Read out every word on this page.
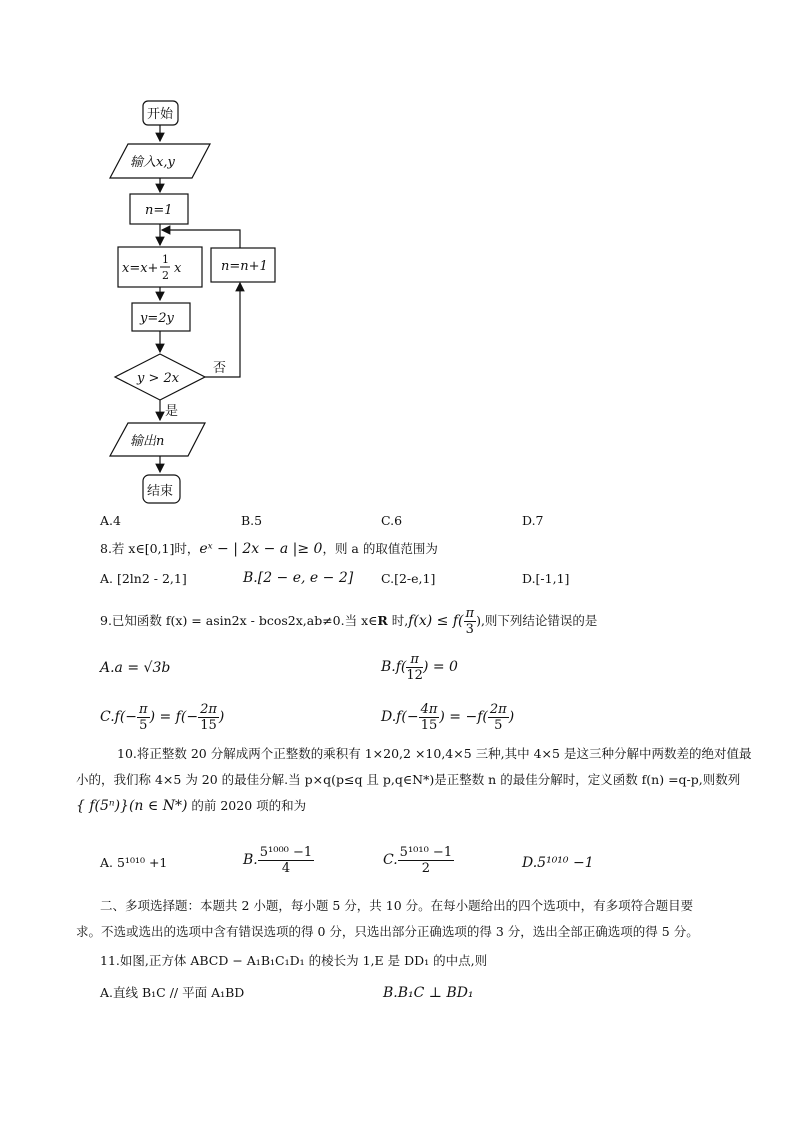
开始
输入x,y
n=1
x=x+
1
2 x
y=2y
y > 2x
否
是
输出n
结束
n=n+1
A.4	B.5	C.6	D.7
8.若 x∈[0,1]时，eˣ − | 2x − a |≥ 0，则 a 的取值范围为
A. [2ln2 - 2,1]	B.[2 − e, e − 2] C.[2-e,1]	D.[-1,1]
9.已知函数 f(x) = asin2x - bcos2x,ab≠0.当 x∈R 时$,f(x) \le f( \frac{\pi}{3}$ ),则下列结论错误的是
A.a = √3b	$B.f( \frac{\pi}{12}$ ) = 0
$C.f(- \frac{\pi}{5}$ ) = $f(- \frac{2\pi}{15}$ )	$D.f(- \frac{4\pi}{15}$ ) = $-f( \frac{2\pi}{5}$ )
10.将正整数 20 分解成两个正整数的乘积有 1×20,2 ×10,4×5 三种,其中 4×5 是这三种分解中两数差的绝对值最
小的，我们称 4×5 为 20 的最佳分解.当 p×q(p≤q 且 p,q∈N*)是正整数 n 的最佳分解时，定义函数 f(n) =q-p,则数列
{ f(5ⁿ)}(n ∈ N*) 的前 2020 项的和为
A. 5¹⁰¹⁰ +1	B. $\frac{\text{5¹⁰⁰⁰ −1}}{4}$	C. $\frac{\text{5¹⁰¹⁰ −1}}{2}$	D.5¹⁰¹⁰ −1
二、多项选择题：本题共 2 小题，每小题 5 分，共 10 分。在每小题给出的四个选项中，有多项符合题目要
求。不选或选出的选项中含有错误选项的得 0 分，只选出部分正确选项的得 3 分，选出全部正确选项的得 5 分。
11.如图,正方体 ABCD − A₁B₁C₁D₁ 的棱长为 1,E 是 DD₁ 的中点,则
A.直线 B₁C // 平面 A₁BD	B.B₁C ⊥ BD₁
